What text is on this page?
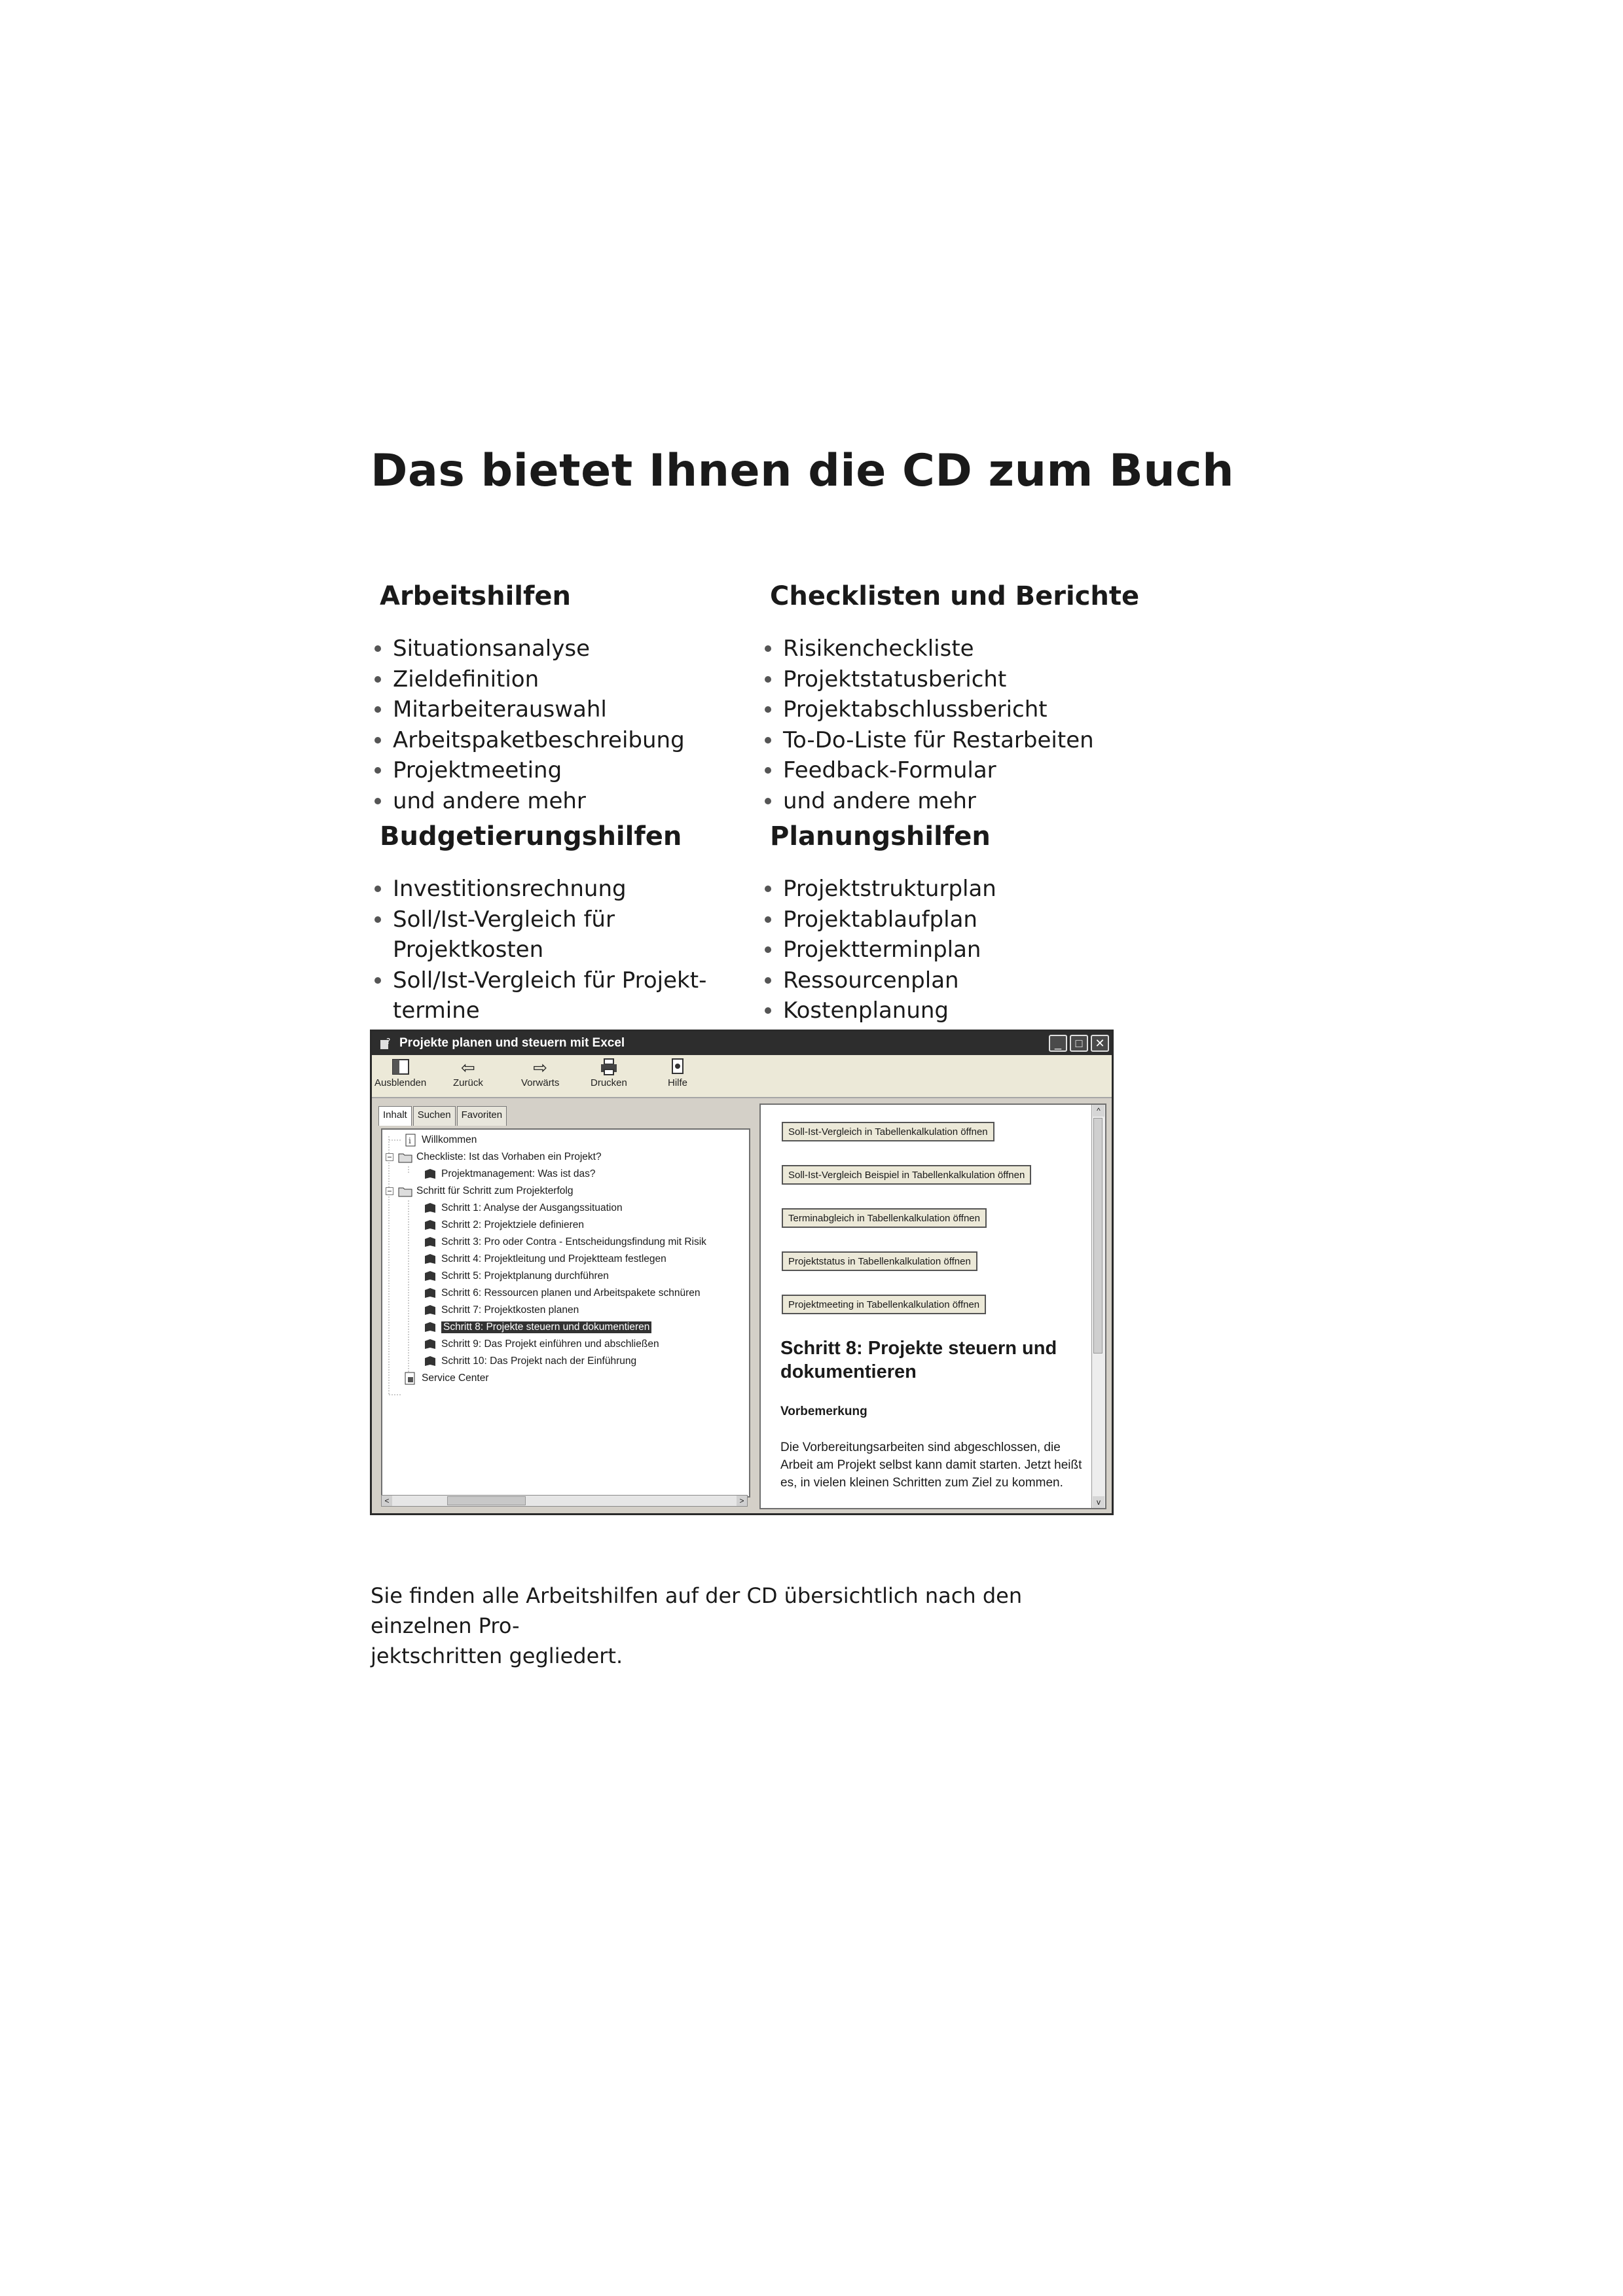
Das bietet Ihnen die CD zum Buch
Arbeitshilfen
Situationsanalyse
Zieldefinition
Mitarbeiterauswahl
Arbeitspaketbeschreibung
Projektmeeting
und andere mehr
Checklisten und Berichte
Risikencheckliste
Projektstatusbericht
Projektabschlussbericht
To-Do-Liste für Restarbeiten
Feedback-Formular
und andere mehr
Budgetierungshilfen
Investitionsrechnung
Soll/Ist-Vergleich für Projektkosten
Soll/Ist-Vergleich für Projekt-
termine
Planungshilfen
Projektstrukturplan
Projektablaufplan
Projektterminplan
Ressourcenplan
Kostenplanung
? Projekte planen und steuern mit Excel	_	□	✕
Ausblenden
⇦
Zurück
⇨
Vorwärts	Drucken	Hilfe
Inhalt	Suchen	Favoriten
i Willkommen
Checkliste: Ist das Vorhaben ein Projekt?
Projektmanagement: Was ist das?
Schritt für Schritt zum Projekterfolg
Schritt 1: Analyse der Ausgangssituation
Schritt 2: Projektziele definieren
Schritt 3: Pro oder Contra - Entscheidungsfindung mit Risik
Schritt 4: Projektleitung und Projektteam festlegen
Schritt 5: Projektplanung durchführen
Schritt 6: Ressourcen planen und Arbeitspakete schnüren
Schritt 7: Projektkosten planen
Schritt 8: Projekte steuern und dokumentieren
Schritt 9: Das Projekt einführen und abschließen
Schritt 10: Das Projekt nach der Einführung
Service Center
<	>
Soll-Ist-Vergleich in Tabellenkalkulation öffnen
Soll-Ist-Vergleich Beispiel in Tabellenkalkulation öffnen
Terminabgleich in Tabellenkalkulation öffnen
Projektstatus in Tabellenkalkulation öffnen
Projektmeeting in Tabellenkalkulation öffnen
Schritt 8: Projekte steuern und dokumentieren
Vorbemerkung
Die Vorbereitungsarbeiten sind abgeschlossen, die Arbeit am Projekt selbst kann damit starten. Jetzt heißt es, in vielen kleinen Schritten zum Ziel zu kommen.
^
v

Sie finden alle Arbeitshilfen auf der CD übersichtlich nach den einzelnen Pro-
jektschritten gegliedert.
